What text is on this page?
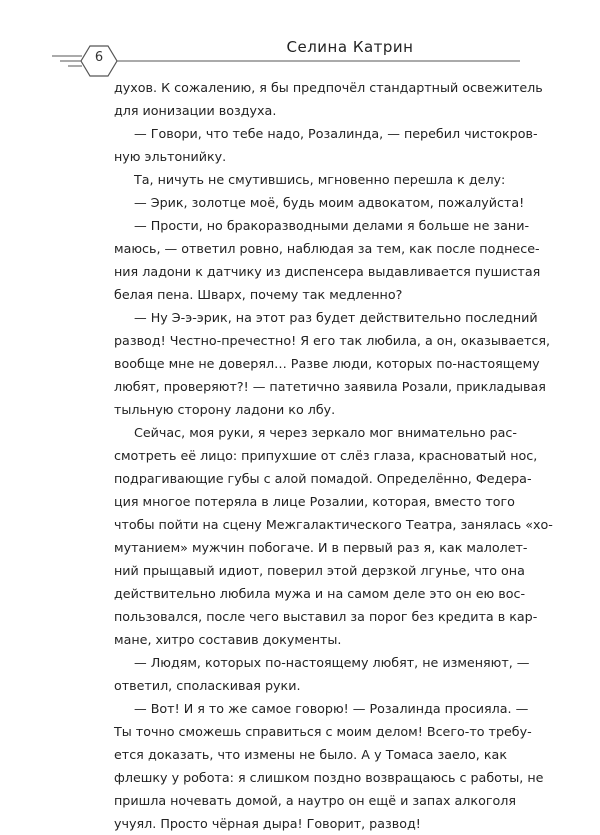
6
Селина Катрин
духов. К сожалению, я бы предпочёл стандартный освежитель
для ионизации воздуха.
— Говори, что тебе надо, Розалинда, — перебил чистокров-
ную эльтонийку.
Та, ничуть не смутившись, мгновенно перешла к делу:
— Эрик, золотце моё, будь моим адвокатом, пожалуйста!
— Прости, но бракоразводными делами я больше не зани-
маюсь, — ответил ровно, наблюдая за тем, как после поднесе-
ния ладони к датчику из диспенсера выдавливается пушистая
белая пена. Шварх, почему так медленно?
— Ну Э-э-эрик, на этот раз будет действительно последний
развод! Честно-пречестно! Я его так любила, а он, оказывается,
вообще мне не доверял… Разве люди, которых по-настоящему
любят, проверяют?! — патетично заявила Розали, прикладывая
тыльную сторону ладони ко лбу.
Сейчас, моя руки, я через зеркало мог внимательно рас-
смотреть её лицо: припухшие от слёз глаза, красноватый нос,
подрагивающие губы с алой помадой. Определённо, Федера-
ция многое потеряла в лице Розалии, которая, вместо того
чтобы пойти на сцену Межгалактического Театра, занялась «хо-
мутанием» мужчин побогаче. И в первый раз я, как малолет-
ний прыщавый идиот, поверил этой дерзкой лгунье, что она
действительно любила мужа и на самом деле это он ею вос-
пользовался, после чего выставил за порог без кредита в кар-
мане, хитро составив документы.
— Людям, которых по-настоящему любят, не изменяют, —
ответил, споласкивая руки.
— Вот! И я то же самое говорю! — Розалинда просияла. —
Ты точно сможешь справиться с моим делом! Всего-то требу-
ется доказать, что измены не было. А у Томаса заело, как
флешку у робота: я слишком поздно возвращаюсь с работы, не
пришла ночевать домой, а наутро он ещё и запах алкоголя
учуял. Просто чёрная дыра! Говорит, развод!
